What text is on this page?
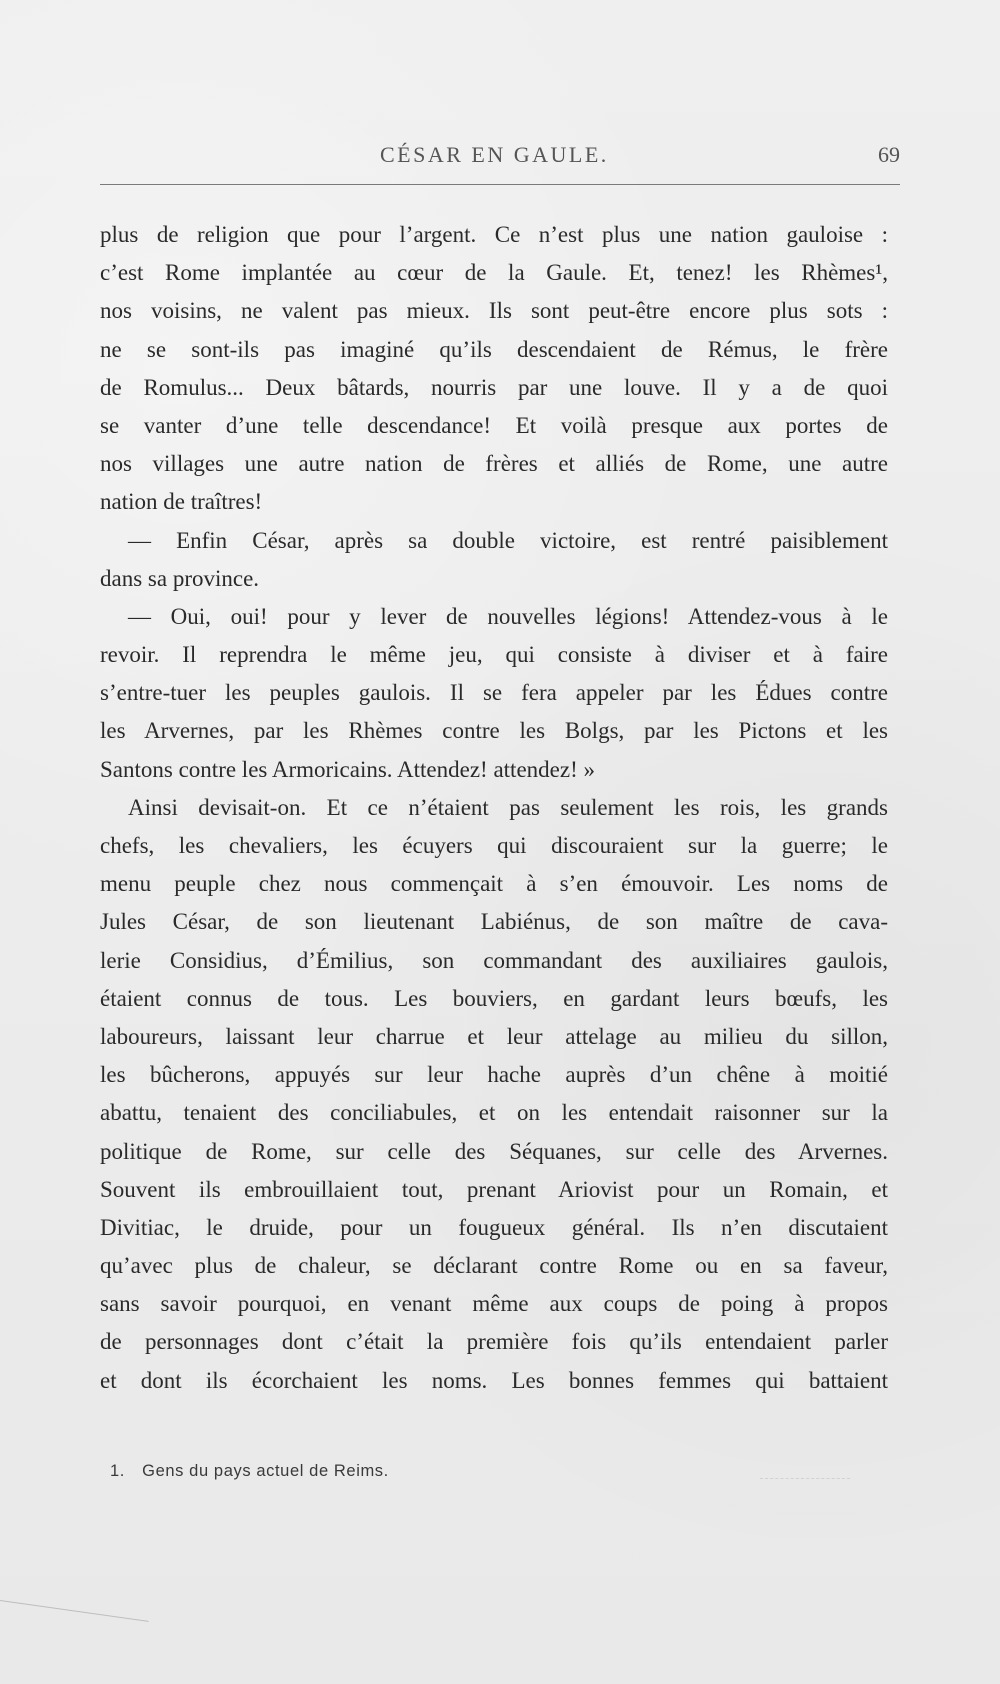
CÉSAR EN GAULE.	69
plus de religion que pour l’argent. Ce n’est plus une nation gauloise :
c’est Rome implantée au cœur de la Gaule. Et, tenez! les Rhèmes¹,
nos voisins, ne valent pas mieux. Ils sont peut-être encore plus sots :
ne se sont-ils pas imaginé qu’ils descendaient de Rémus, le frère
de Romulus... Deux bâtards, nourris par une louve. Il y a de quoi
se vanter d’une telle descendance! Et voilà presque aux portes de
nos villages une autre nation de frères et alliés de Rome, une autre
nation de traîtres!
— Enfin César, après sa double victoire, est rentré paisiblement
dans sa province.
— Oui, oui! pour y lever de nouvelles légions! Attendez-vous à le
revoir. Il reprendra le même jeu, qui consiste à diviser et à faire
s’entre-tuer les peuples gaulois. Il se fera appeler par les Édues contre
les Arvernes, par les Rhèmes contre les Bolgs, par les Pictons et les
Santons contre les Armoricains. Attendez! attendez! »
Ainsi devisait-on. Et ce n’étaient pas seulement les rois, les grands
chefs, les chevaliers, les écuyers qui discouraient sur la guerre; le
menu peuple chez nous commençait à s’en émouvoir. Les noms de
Jules César, de son lieutenant Labiénus, de son maître de cava-
lerie Considius, d’Émilius, son commandant des auxiliaires gaulois,
étaient connus de tous. Les bouviers, en gardant leurs bœufs, les
laboureurs, laissant leur charrue et leur attelage au milieu du sillon,
les bûcherons, appuyés sur leur hache auprès d’un chêne à moitié
abattu, tenaient des conciliabules, et on les entendait raisonner sur la
politique de Rome, sur celle des Séquanes, sur celle des Arvernes.
Souvent ils embrouillaient tout, prenant Ariovist pour un Romain, et
Divitiac, le druide, pour un fougueux général. Ils n’en discutaient
qu’avec plus de chaleur, se déclarant contre Rome ou en sa faveur,
sans savoir pourquoi, en venant même aux coups de poing à propos
de personnages dont c’était la première fois qu’ils entendaient parler
et dont ils écorchaient les noms. Les bonnes femmes qui battaient
1. Gens du pays actuel de Reims.
